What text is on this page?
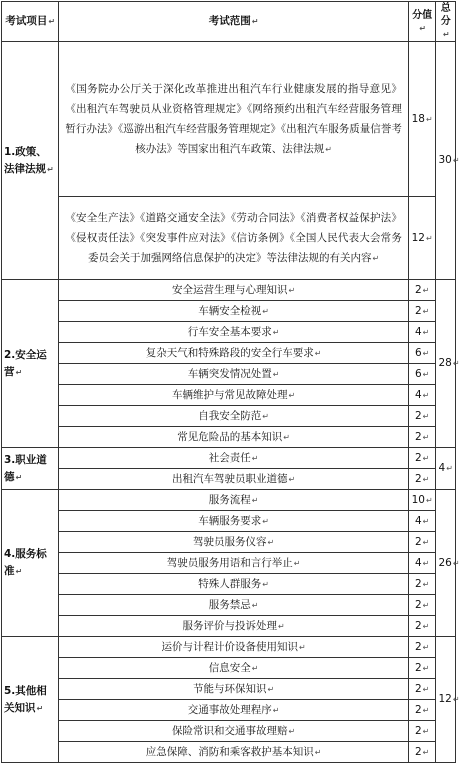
考试项目↵	考试范围↵	分值↵	总分↵
1.政策、法律法规↵	《国务院办公厅关于深化改革推进出租汽车行业健康发展的指导意见》《出租汽车驾驶员从业资格管理规定》《网络预约出租汽车经营服务管理暂行办法》《巡游出租汽车经营服务管理规定》《出租汽车服务质量信誉考核办法》等国家出租汽车政策、法律法规↵	18↵	30↵
	《安全生产法》《道路交通安全法》《劳动合同法》《消费者权益保护法》《侵权责任法》《突发事件应对法》《信访条例》《全国人民代表大会常务委员会关于加强网络信息保护的决定》等法律法规的有关内容↵	12↵	
2.安全运营↵	安全运营生理与心理知识↵	2↵	28↵
	车辆安全检视↵	2↵	
	行车安全基本要求↵	4↵	
	复杂天气和特殊路段的安全行车要求↵	6↵	
	车辆突发情况处置↵	6↵	
	车辆维护与常见故障处理↵	4↵	
	自我安全防范↵	2↵	
	常见危险品的基本知识↵	2↵	
3.职业道德↵	社会责任↵	2↵	4↵
	出租汽车驾驶员职业道德↵	2↵	
4.服务标准↵	服务流程↵	10↵	26↵
	车辆服务要求↵	4↵	
	驾驶员服务仪容↵	2↵	
	驾驶员服务用语和言行举止↵	4↵	
	特殊人群服务↵	2↵	
	服务禁忌↵	2↵	
	服务评价与投诉处理↵	2↵	
5.其他相关知识↵	运价与计程计价设备使用知识↵	2↵	12↵
	信息安全↵	2↵	
	节能与环保知识↵	2↵	
	交通事故处理程序↵	2↵	
	保险常识和交通事故理赔↵	2↵	
	应急保障、消防和乘客救护基本知识↵	2↵	
